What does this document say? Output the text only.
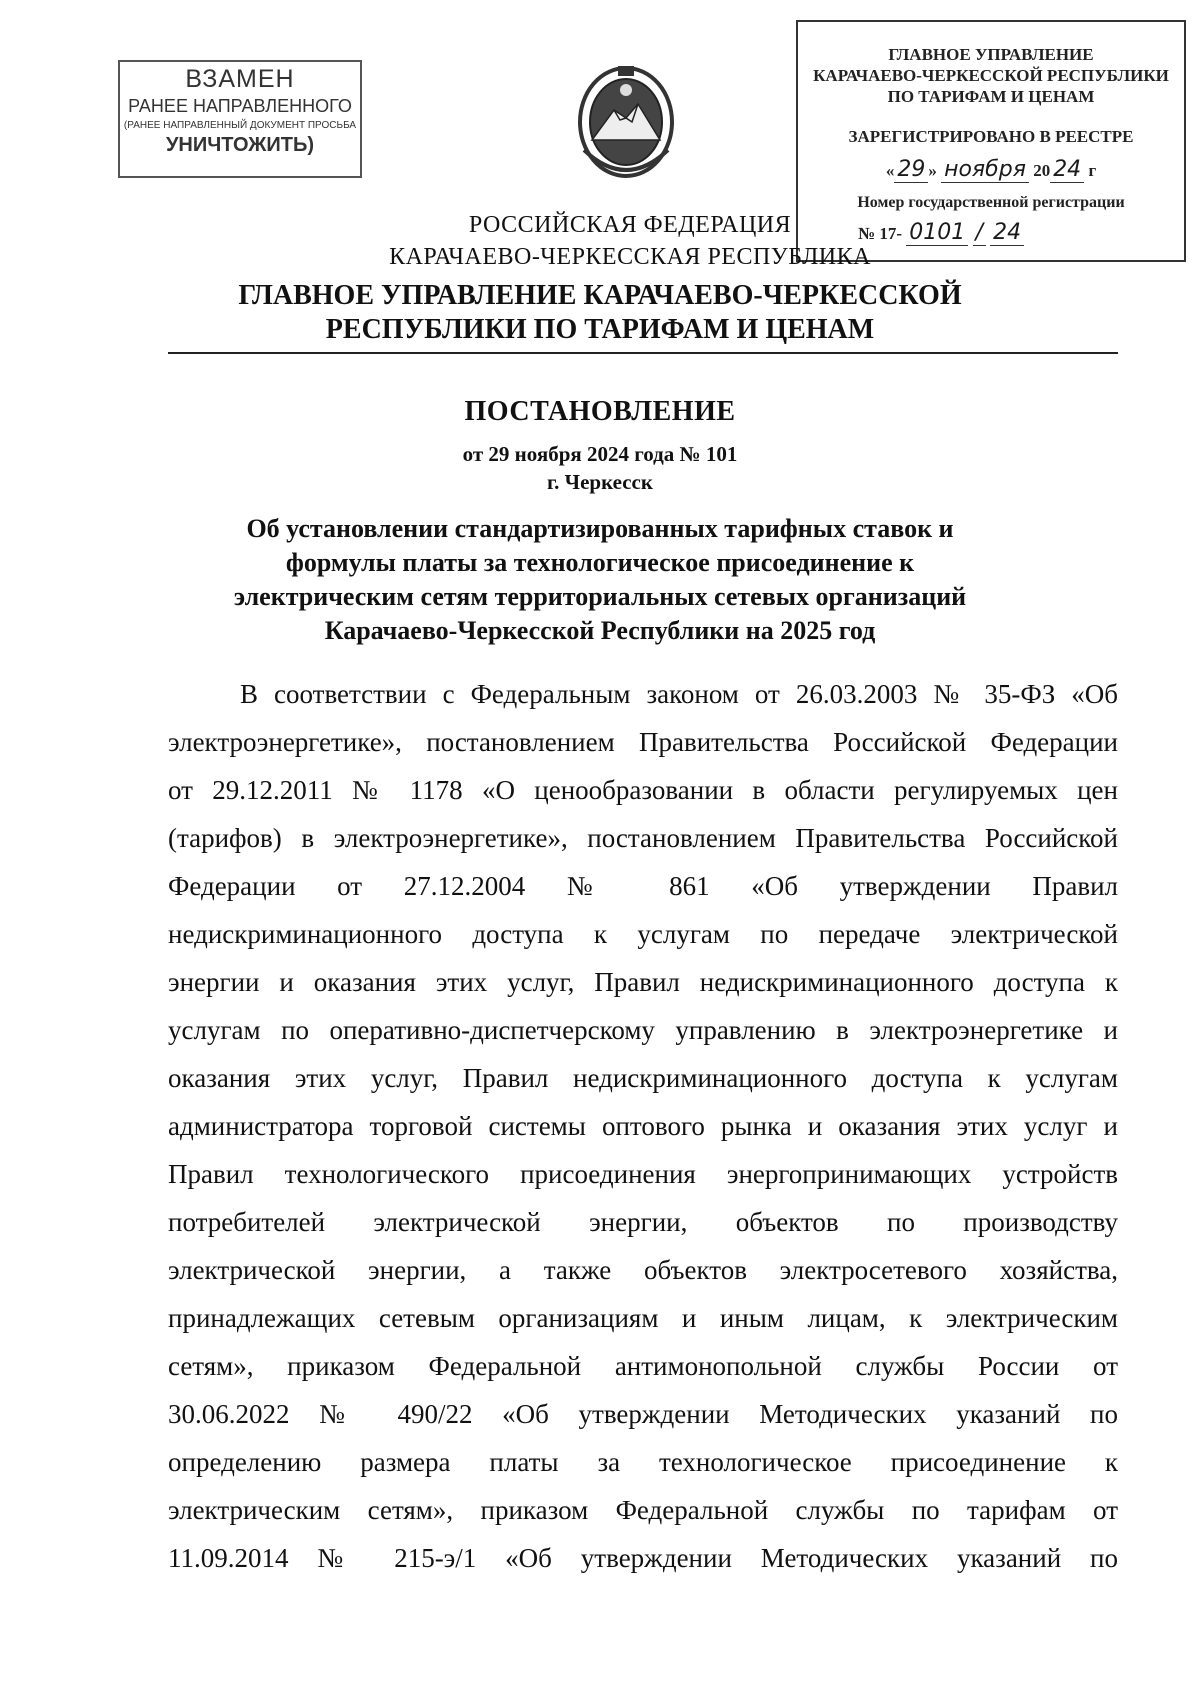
ВЗАМЕН
РАНЕЕ НАПРАВЛЕННОГО
(РАНЕЕ НАПРАВЛЕННЫЙ ДОКУМЕНТ ПРОСЬБА
УНИЧТОЖИТЬ)
ГЛАВНОЕ УПРАВЛЕНИЕ
КАРАЧАЕВО-ЧЕРКЕССКОЙ РЕСПУБЛИКИ
ПО ТАРИФАМ И ЦЕНАМ
ЗАРЕГИСТРИРОВАНО В РЕЕСТРЕ
« 29 » ноября 20 24 г
Номер государственной регистрации
№ 17- 0101 / 24
РОССИЙСКАЯ ФЕДЕРАЦИЯ
КАРАЧАЕВО-ЧЕРКЕССКАЯ РЕСПУБЛИКА
ГЛАВНОЕ УПРАВЛЕНИЕ КАРАЧАЕВО-ЧЕРКЕССКОЙ
РЕСПУБЛИКИ ПО ТАРИФАМ И ЦЕНАМ
ПОСТАНОВЛЕНИЕ
от 29 ноября 2024 года № 101
г. Черкесск
Об установлении стандартизированных тарифных ставок и
формулы платы за технологическое присоединение к
электрическим сетям территориальных сетевых организаций
Карачаево-Черкесской Республики на 2025 год
В соответствии с Федеральным законом от 26.03.2003 № 35-ФЗ «Об
электроэнергетике», постановлением Правительства Российской Федерации
от 29.12.2011 № 1178 «О ценообразовании в области регулируемых цен
(тарифов) в электроэнергетике», постановлением Правительства Российской
Федерации от 27.12.2004 № 861 «Об утверждении Правил
недискриминационного доступа к услугам по передаче электрической
энергии и оказания этих услуг, Правил недискриминационного доступа к
услугам по оперативно-диспетчерскому управлению в электроэнергетике и
оказания этих услуг, Правил недискриминационного доступа к услугам
администратора торговой системы оптового рынка и оказания этих услуг и
Правил технологического присоединения энергопринимающих устройств
потребителей электрической энергии, объектов по производству
электрической энергии, а также объектов электросетевого хозяйства,
принадлежащих сетевым организациям и иным лицам, к электрическим
сетям», приказом Федеральной антимонопольной службы России от
30.06.2022 № 490/22 «Об утверждении Методических указаний по
определению размера платы за технологическое присоединение к
электрическим сетям», приказом Федеральной службы по тарифам от
11.09.2014 № 215-э/1 «Об утверждении Методических указаний по
